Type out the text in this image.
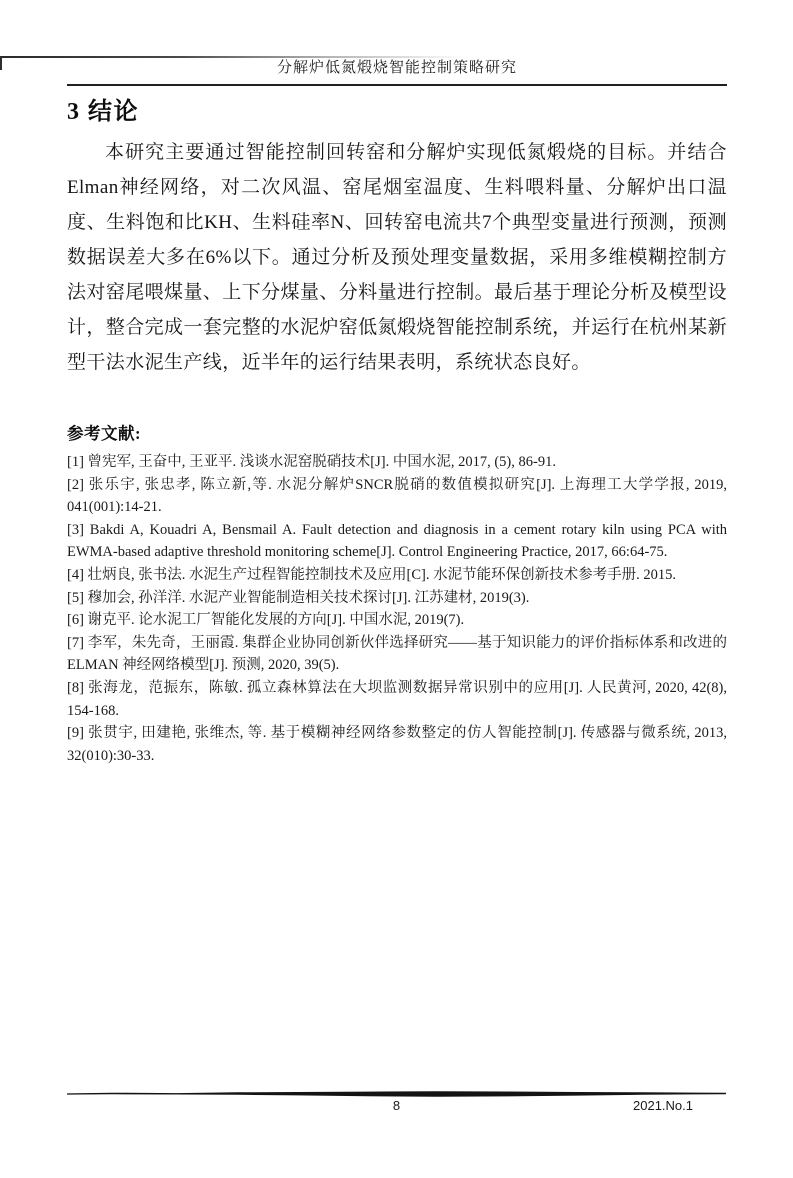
分解炉低氮煅烧智能控制策略研究
3 结论

本研究主要通过智能控制回转窑和分解炉实现低氮煅烧的目标。并结合Elman神经网络，对二次风温、窑尾烟室温度、生料喂料量、分解炉出口温度、生料饱和比KH、生料硅率N、回转窑电流共7个典型变量进行预测，预测数据误差大多在6%以下。通过分析及预处理变量数据，采用多维模糊控制方法对窑尾喂煤量、上下分煤量、分料量进行控制。最后基于理论分析及模型设计，整合完成一套完整的水泥炉窑低氮煅烧智能控制系统，并运行在杭州某新型干法水泥生产线，近半年的运行结果表明，系统状态良好。

参考文献:
[1] 曾宪军, 王奋中, 王亚平. 浅谈水泥窑脱硝技术[J]. 中国水泥, 2017, (5), 86-91.
[2] 张乐宇, 张忠孝, 陈立新,等. 水泥分解炉SNCR脱硝的数值模拟研究[J]. 上海理工大学学报, 2019, 041(001):14-21.
[3] Bakdi A, Kouadri A, Bensmail A. Fault detection and diagnosis in a cement rotary kiln using PCA with EWMA-based adaptive threshold monitoring scheme[J]. Control Engineering Practice, 2017, 66:64-75.
[4] 壮炳良, 张书法. 水泥生产过程智能控制技术及应用[C]. 水泥节能环保创新技术参考手册. 2015.
[5] 穆加会, 孙洋洋. 水泥产业智能制造相关技术探讨[J]. 江苏建材, 2019(3).
[6] 谢克平. 论水泥工厂智能化发展的方向[J]. 中国水泥, 2019(7).
[7] 李军，朱先奇，王丽霞. 集群企业协同创新伙伴选择研究——基于知识能力的评价指标体系和改进的ELMAN 神经网络模型[J]. 预测, 2020, 39(5).
[8] 张海龙，范振东，陈敏. 孤立森林算法在大坝监测数据异常识别中的应用[J]. 人民黄河, 2020, 42(8), 154-168.
[9] 张贯宇, 田建艳, 张维杰, 等. 基于模糊神经网络参数整定的仿人智能控制[J]. 传感器与微系统, 2013, 32(010):30-33.
8	2021.No.1
